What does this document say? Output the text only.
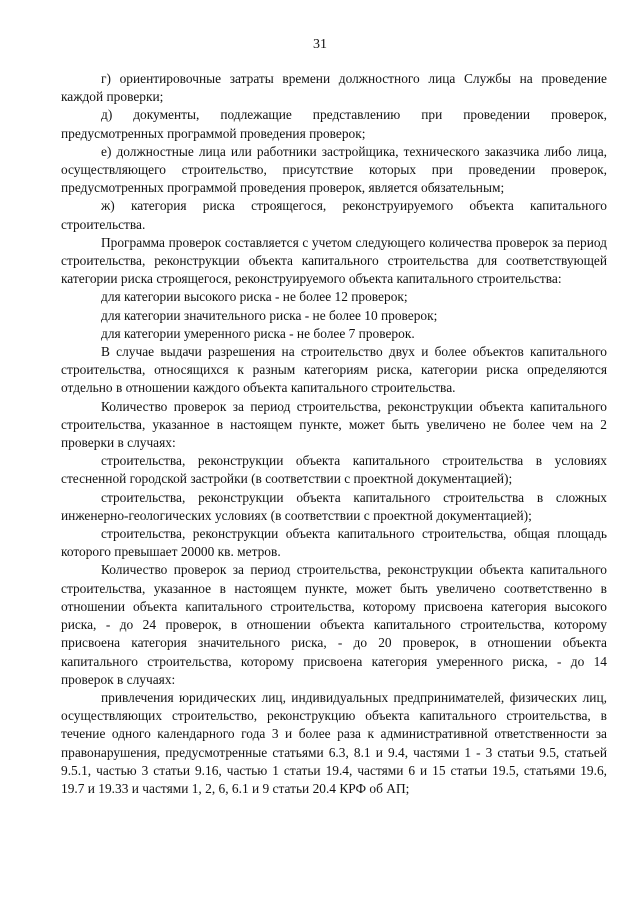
31

г) ориентировочные затраты времени должностного лица Службы на проведение каждой проверки;

д) документы, подлежащие представлению при проведении проверок, предусмотренных программой проведения проверок;

е) должностные лица или работники застройщика, технического заказчика либо лица, осуществляющего строительство, присутствие которых при проведении проверок, предусмотренных программой проведения проверок, является обязательным;

ж) категория риска строящегося, реконструируемого объекта капитального строительства.

Программа проверок составляется с учетом следующего количества проверок за период строительства, реконструкции объекта капитального строительства для соответствующей категории риска строящегося, реконструируемого объекта капитального строительства:

для категории высокого риска - не более 12 проверок;

для категории значительного риска - не более 10 проверок;

для категории умеренного риска - не более 7 проверок.

В случае выдачи разрешения на строительство двух и более объектов капитального строительства, относящихся к разным категориям риска, категории риска определяются отдельно в отношении каждого объекта капитального строительства.

Количество проверок за период строительства, реконструкции объекта капитального строительства, указанное в настоящем пункте, может быть увеличено не более чем на 2 проверки в случаях:

строительства, реконструкции объекта капитального строительства в условиях стесненной городской застройки (в соответствии с проектной документацией);

строительства, реконструкции объекта капитального строительства в сложных инженерно-геологических условиях (в соответствии с проектной документацией);

строительства, реконструкции объекта капитального строительства, общая площадь которого превышает 20000 кв. метров.

Количество проверок за период строительства, реконструкции объекта капитального строительства, указанное в настоящем пункте, может быть увеличено соответственно в отношении объекта капитального строительства, которому присвоена категория высокого риска, - до 24 проверок, в отношении объекта капитального строительства, которому присвоена категория значительного риска, - до 20 проверок, в отношении объекта капитального строительства, которому присвоена категория умеренного риска, - до 14 проверок в случаях:

привлечения юридических лиц, индивидуальных предпринимателей, физических лиц, осуществляющих строительство, реконструкцию объекта капитального строительства, в течение одного календарного года 3 и более раза к административной ответственности за правонарушения, предусмотренные статьями 6.3, 8.1 и 9.4, частями 1 - 3 статьи 9.5, статьей 9.5.1, частью 3 статьи 9.16, частью 1 статьи 19.4, частями 6 и 15 статьи 19.5, статьями 19.6, 19.7 и 19.33 и частями 1, 2, 6, 6.1 и 9 статьи 20.4 КРФ об АП;
